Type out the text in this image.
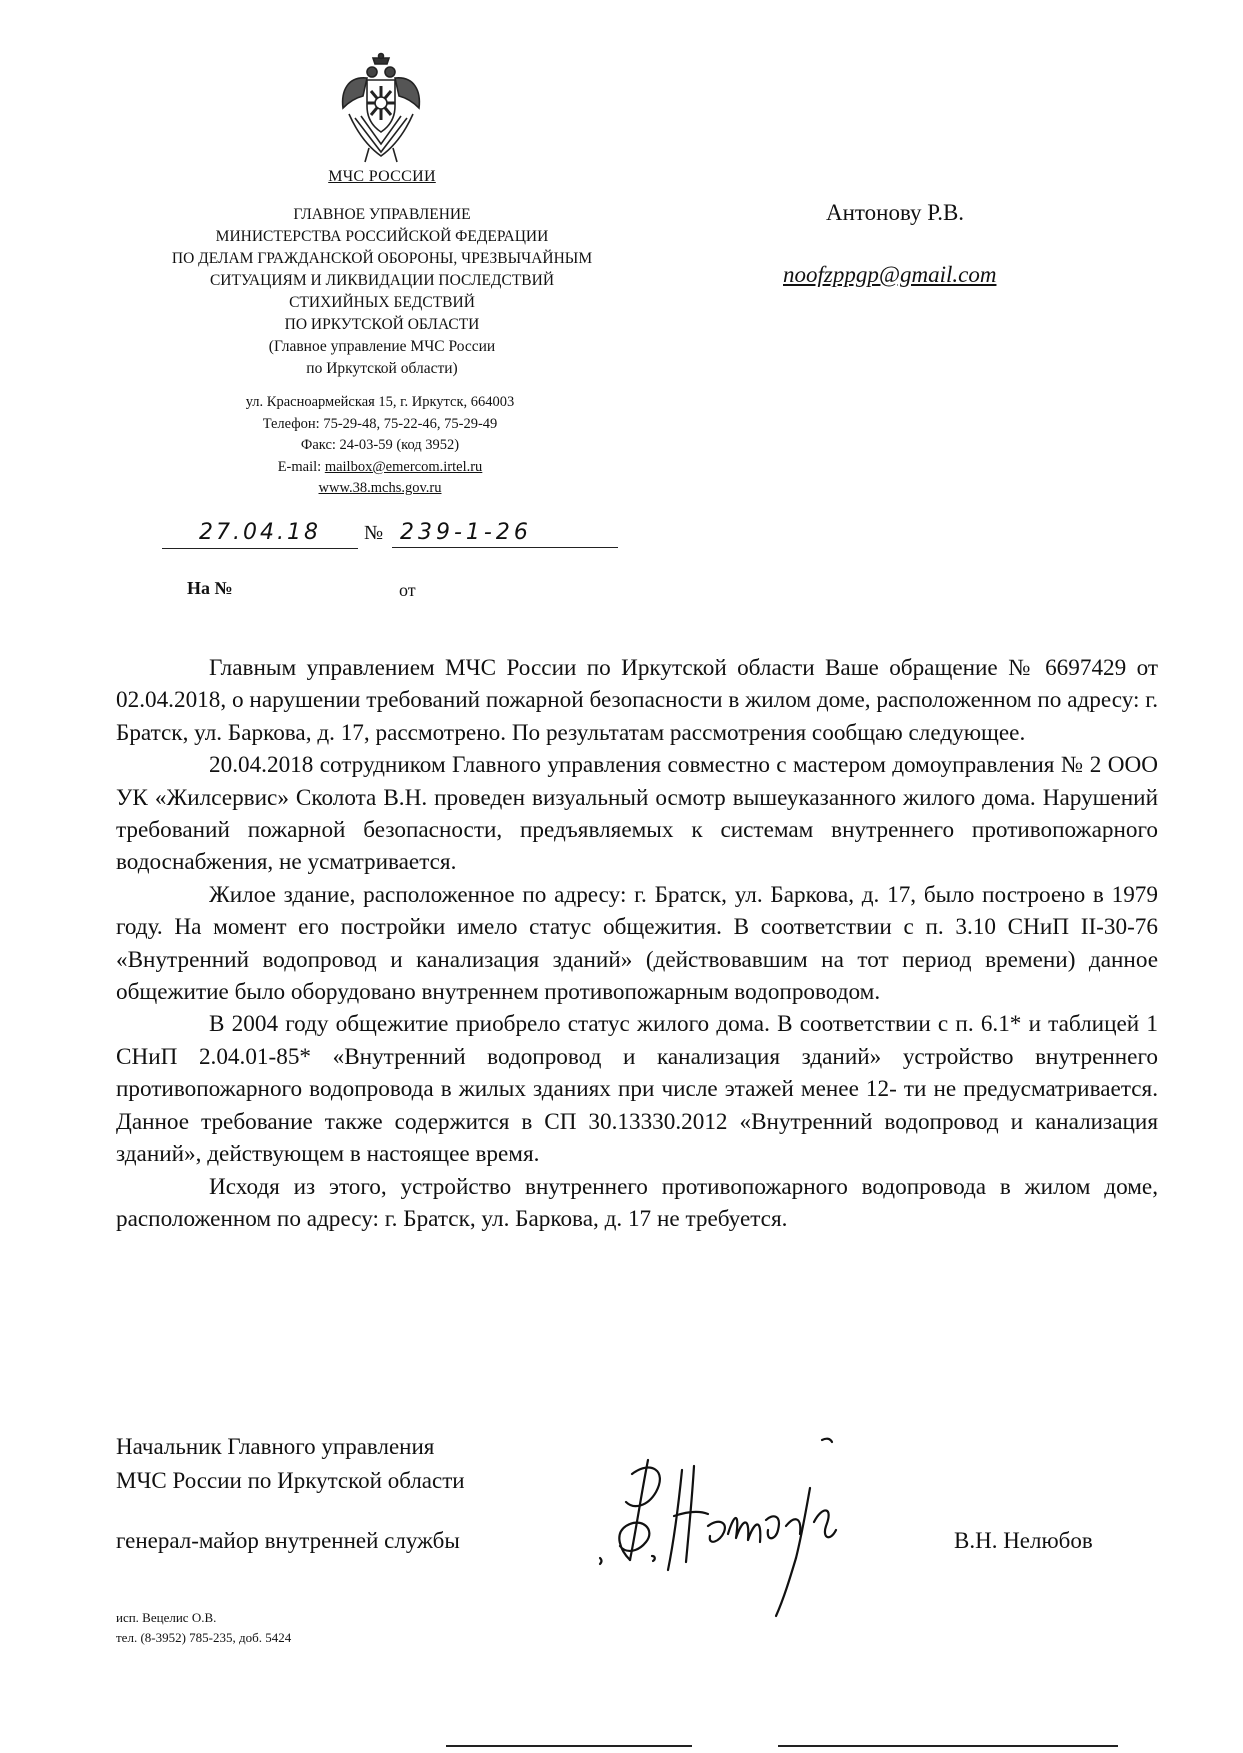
МЧС РОССИИ
ГЛАВНОЕ УПРАВЛЕНИЕ
МИНИСТЕРСТВА РОССИЙСКОЙ ФЕДЕРАЦИИ
ПО ДЕЛАМ ГРАЖДАНСКОЙ ОБОРОНЫ, ЧРЕЗВЫЧАЙНЫМ
СИТУАЦИЯМ И ЛИКВИДАЦИИ ПОСЛЕДСТВИЙ
СТИХИЙНЫХ БЕДСТВИЙ
ПО ИРКУТСКОЙ ОБЛАСТИ
(Главное управление МЧС России
по Иркутской области)
ул. Красноармейская 15, г. Иркутск, 664003
Телефон: 75-29-48, 75-22-46, 75-29-49
Факс: 24-03-59 (код 3952)
E-mail: mailbox@emercom.irtel.ru
www.38.mchs.gov.ru
27.04.18	№ 239-1-26
На №	от
Антонову Р.В.
noofzppgp@gmail.com

Главным управлением МЧС России по Иркутской области Ваше обращение № 6697429 от 02.04.2018, о нарушении требований пожарной безопасности в жилом доме, расположенном по адресу: г. Братск, ул. Баркова, д. 17, рассмотрено. По результатам рассмотрения сообщаю следующее.

20.04.2018 сотрудником Главного управления совместно с мастером домоуправления № 2 ООО УК «Жилсервис» Сколота В.Н. проведен визуальный осмотр вышеуказанного жилого дома. Нарушений требований пожарной безопасности, предъявляемых к системам внутреннего противопожарного водоснабжения, не усматривается.

Жилое здание, расположенное по адресу: г. Братск, ул. Баркова, д. 17, было построено в 1979 году. На момент его постройки имело статус общежития. В соответствии с п. 3.10 СНиП II-30-76 «Внутренний водопровод и канализация зданий» (действовавшим на тот период времени) данное общежитие было оборудовано внутреннем противопожарным водопроводом.

В 2004 году общежитие приобрело статус жилого дома. В соответствии с п. 6.1* и таблицей 1 СНиП 2.04.01-85* «Внутренний водопровод и канализация зданий» устройство внутреннего противопожарного водопровода в жилых зданиях при числе этажей менее 12- ти не предусматривается. Данное требование также содержится в СП 30.13330.2012 «Внутренний водопровод и канализация зданий», действующем в настоящее время.

Исходя из этого, устройство внутреннего противопожарного водопровода в жилом доме, расположенном по адресу: г. Братск, ул. Баркова, д. 17 не требуется.

Начальник Главного управления
МЧС России по Иркутской области
генерал-майор внутренней службы	В.Н. Нелюбов
исп. Вецелис О.В.
тел. (8-3952) 785-235, доб. 5424
